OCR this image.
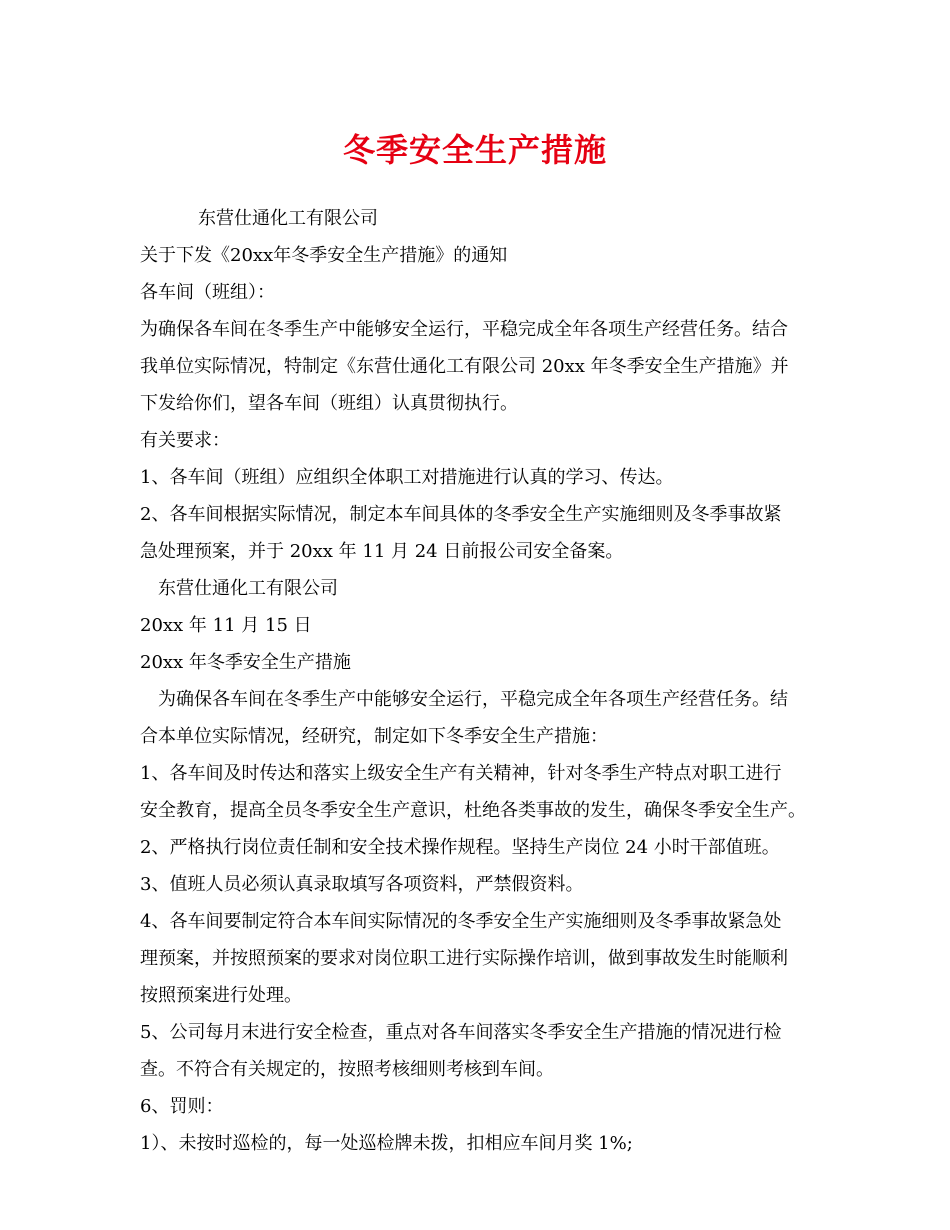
冬季安全生产措施
东营仕通化工有限公司
关于下发《20xx年冬季安全生产措施》的通知
各车间（班组）：
为确保各车间在冬季生产中能够安全运行，平稳完成全年各项生产经营任务。结合
我单位实际情况，特制定《东营仕通化工有限公司 20xx 年冬季安全生产措施》并
下发给你们，望各车间（班组）认真贯彻执行。
有关要求：
1、各车间（班组）应组织全体职工对措施进行认真的学习、传达。
2、各车间根据实际情况，制定本车间具体的冬季安全生产实施细则及冬季事故紧
急处理预案，并于 20xx 年 11 月 24 日前报公司安全备案。
东营仕通化工有限公司
20xx 年 11 月 15 日
20xx 年冬季安全生产措施
为确保各车间在冬季生产中能够安全运行，平稳完成全年各项生产经营任务。结
合本单位实际情况，经研究，制定如下冬季安全生产措施：
1、各车间及时传达和落实上级安全生产有关精神，针对冬季生产特点对职工进行
安全教育，提高全员冬季安全生产意识，杜绝各类事故的发生，确保冬季安全生产。
2、严格执行岗位责任制和安全技术操作规程。坚持生产岗位 24 小时干部值班。
3、值班人员必须认真录取填写各项资料，严禁假资料。
4、各车间要制定符合本车间实际情况的冬季安全生产实施细则及冬季事故紧急处
理预案，并按照预案的要求对岗位职工进行实际操作培训，做到事故发生时能顺利
按照预案进行处理。
5、公司每月末进行安全检查，重点对各车间落实冬季安全生产措施的情况进行检
查。不符合有关规定的，按照考核细则考核到车间。
6、罚则：
1）、未按时巡检的，每一处巡检牌未拨，扣相应车间月奖 1%;
